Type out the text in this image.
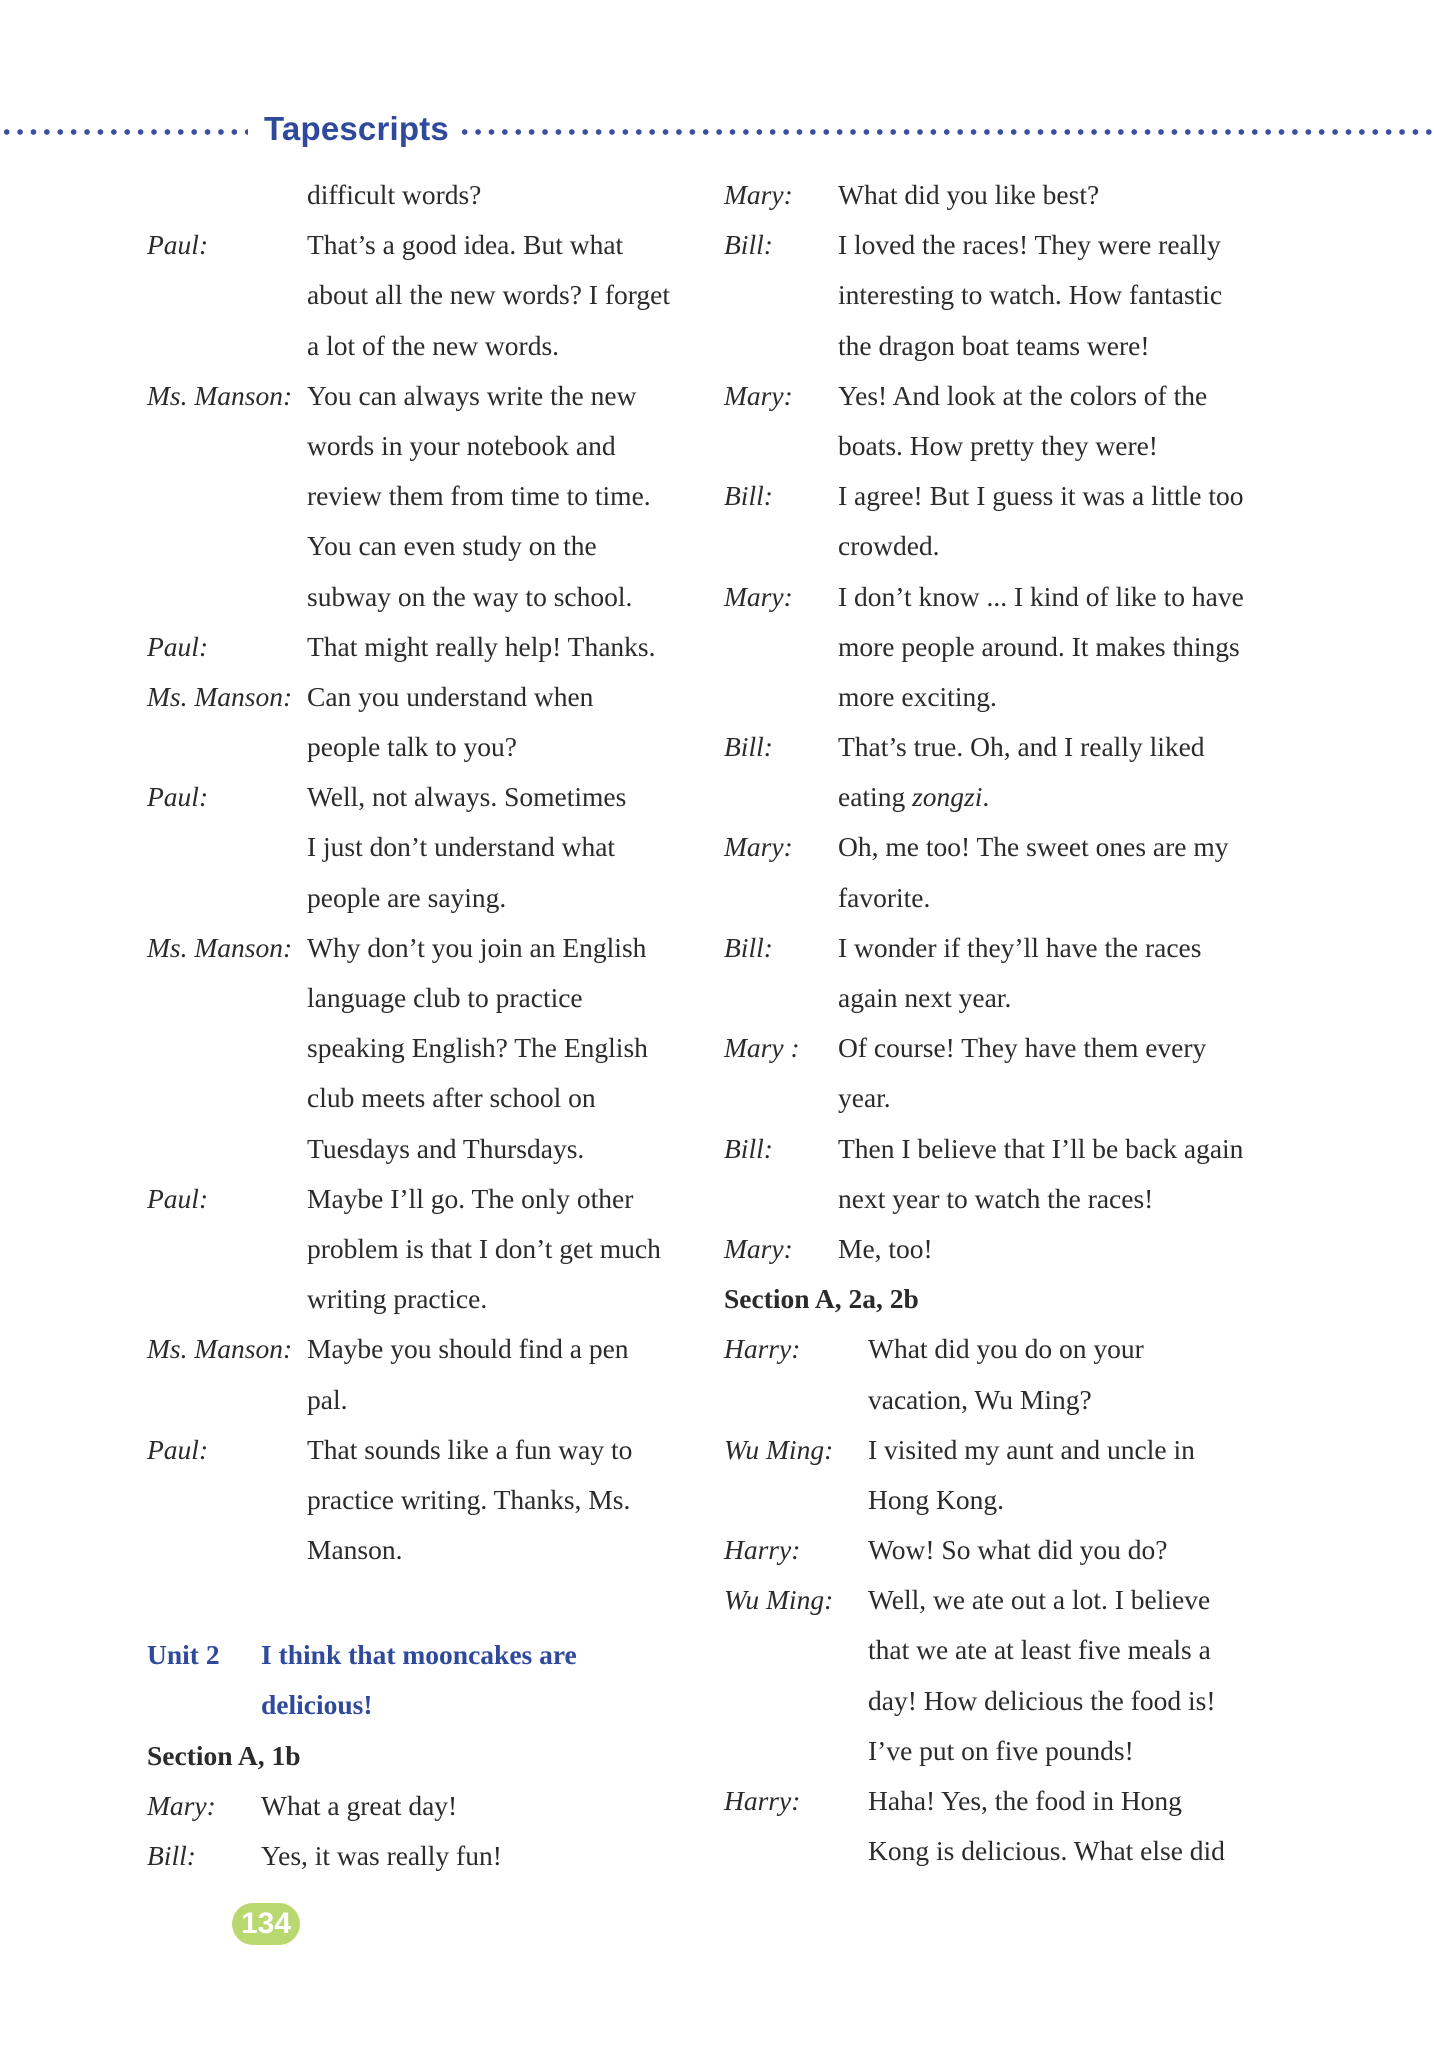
Tapescripts
difficult words?
Paul:	That’s a good idea. But what
about all the new words? I forget
a lot of the new words.
Ms. Manson: You can always write the new
words in your notebook and
review them from time to time.
You can even study on the
subway on the way to school.
Paul:	That might really help! Thanks.
Ms. Manson: Can you understand when
people talk to you?
Paul:	Well, not always. Sometimes
I just don’t understand what
people are saying.
Ms. Manson: Why don’t you join an English
language club to practice
speaking English? The English
club meets after school on
Tuesdays and Thursdays.
Paul:	Maybe I’ll go. The only other
problem is that I don’t get much
writing practice.
Ms. Manson: Maybe you should find a pen
pal.
Paul:	That sounds like a fun way to
practice writing. Thanks, Ms.
Manson.
Unit 2 I think that mooncakes are
delicious!
Section A, 1b
Mary: What a great day!
Bill: Yes, it was really fun!
Mary: What did you like best?
Bill: I loved the races! They were really
interesting to watch. How fantastic
the dragon boat teams were!
Mary: Yes! And look at the colors of the
boats. How pretty they were!
Bill: I agree! But I guess it was a little too
crowded.
Mary: I don’t know ... I kind of like to have
more people around. It makes things
more exciting.
Bill: That’s true. Oh, and I really liked
eating zongzi.
Mary: Oh, me too! The sweet ones are my
favorite.
Bill: I wonder if they’ll have the races
again next year.
Mary : Of course! They have them every
year.
Bill: Then I believe that I’ll be back again
next year to watch the races!
Mary: Me, too!
Section A, 2a, 2b
Harry: What did you do on your
vacation, Wu Ming?
Wu Ming: I visited my aunt and uncle in
Hong Kong.
Harry: Wow! So what did you do?
Wu Ming: Well, we ate out a lot. I believe
that we ate at least five meals a
day! How delicious the food is!
I’ve put on five pounds!
Harry: Haha! Yes, the food in Hong
Kong is delicious. What else did
134
